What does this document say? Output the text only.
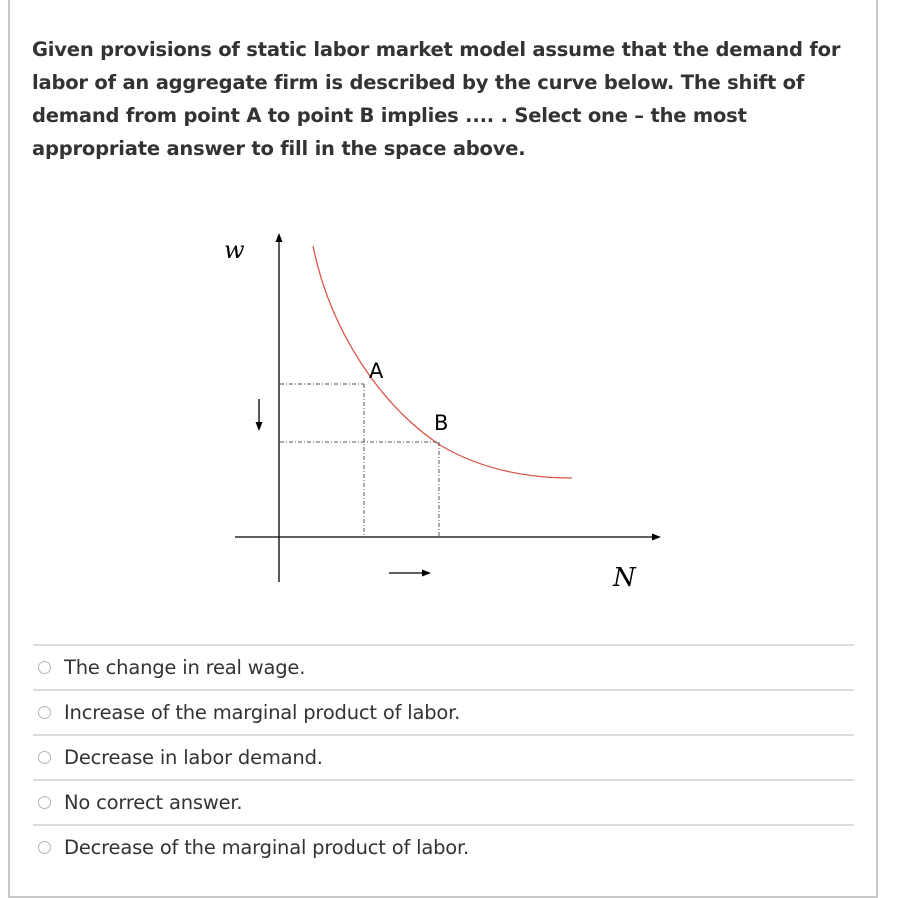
Given provisions of static labor market model assume that the demand for labor of an aggregate firm is described by the curve below. The shift of demand from point A to point B implies .... . Select one – the most appropriate answer to fill in the space above.
w
N
A
B
The change in real wage.
Increase of the marginal product of labor.
Decrease in labor demand.
No correct answer.
Decrease of the marginal product of labor.
